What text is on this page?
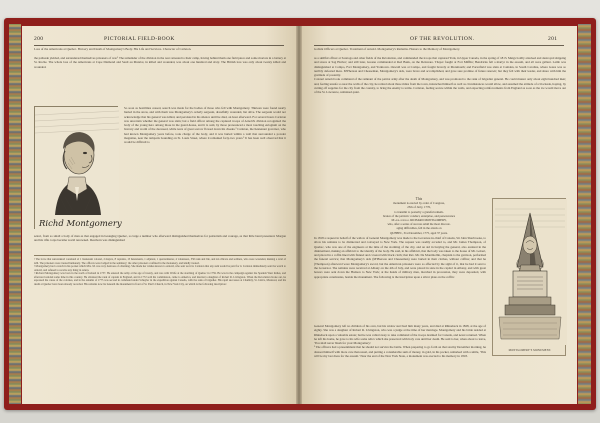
200	PICTORIAL FIELD-BOOK
Loss of the Americans at Quebec. Bravery and Death of Montgomery's Body. His Life and Services. Character of Carleton.
the palisade yielded, and surrendered themselves prisoners of war.¹ The remainder of the division in the rear retreated to their camp, having behind them one field piece and some mortars in a battery at St. Roche. The whole loss of the Americans at Cape Diamond and Sault au Matelot, in killed and wounded, was about one hundred and sixty. The British loss was only about twenty killed and wounded.
Richd Montgomery
So soon as hostilities ceased, search was made for the bodies of those who fell with Montgomery. Thirteen were found nearly buried in the snow, and with them was Montgomery's orderly sergeant, dreadfully wounded, but alive. The sergeant would not acknowledge that his general was killed, and persisted in his silence until he died, an hour afterward. For several hours Carleton was uncertain whether the general was slain; but a field officer among the captured troops of Arnold's division recognized the body of the young hero among those in the guard-house, and it is said, by those pronounced a most touching eulogium on the bravery and worth of the deceased, while tears of great sorrow flowed down his cheeks.² Carleton, the lieutenant governor, who had known Montgomery years before, took charge of the body, and it was buried within a wall that surrounded a powder magazine, near the ramparts bounding on St. Louis Street, where it remained forty-two years.³ It has been well observed that it would be difficult to
select, from so small a body of men as that engaged in besieging Quebec, so large a number who afterward distinguished themselves for patriotism and courage, as that little band presented. Morgan and his rifle corps became world renowned. Dearborn was distinguished
¹ The force that surrendered consisted of 1 lieutenant colonel, 2 majors, 8 captains, 15 lieutenants, 1 adjutant, 1 quartermaster, 4 volunteers, 350 rank and file, and 44 officers and soldiers, who were wounded, making a total of 426. The prisoners were treated humanely. The officers were lodged in the seminary; the other prisoners confined in the monastery, and kindly treated.
² Montgomery had a watch in his pocket which Mrs. M. was very desirous of obtaining. She made her wishes known to Arnold, who sent word to Carleton that any sum would be paid for it. Carleton immediately sent the watch to Arnold, and refused to receive any thing in return.
³ Richard Montgomery was born in the north of Ireland in 1737. He entered the army at the age of twenty, and was with Wolfe at the storming of Quebec in 1759. He was in the campaign against the Spanish West Indies, and afterward resided some time in this country. He obtained the rank of captain in England, and in 1772 sold his commission, came to America, and married a daughter of Robert R. Livingston. When the Revolution broke out, he espoused the cause of the colonies, and in the autumn of 1775 was second in command under Schuyler in the expedition against Canada, with the rank of brigadier. His rapid successes at Chambly, St. John's, Montreal, and his death at Quebec have been already recorded. His remains now lie beneath the monument in front of St. Paul's Church, in New York City, on which is the following inscription:
OF THE REVOLUTION.	201
Gallant Officers at Quebec. Treatment of Arnold. Montgomery's Remains. Honors to the Memory of Montgomery.
as a skillful officer at Saratoga and other fields of the Revolution, and commanded the troops that captured York, in Upper Canada, in the spring of 1813. Meigs boldly attacked and destroyed shipping and stores at Sag Harbor; and still later, Greene commanded at Red Bank, on the Delaware. Thayer fought at Fort Mifflin; Hendricks fell a martyr in the assault, and all were gallant. Lamb was distinguished at Compo, Fort Montgomery, and Yorktown. Oswald was at Compo, and fought bravely at Monmouth; and Porterfield was slain at Camden, in South Carolina, where Gates was so terribly defeated there. M'Pherson and Cheeseman, Montgomery's aids, were brave and accomplished, and gave sure promise of future renown; but they fell with their leader, and share with him the gratitude of posterity.
Colonel Arnold took command of the remnant of the patriot army after the death of Montgomery, and was promoted to the rank of brigadier general. He could muster only about eight hundred men; and, feeling unsafe so near the walls of the city, he retired about three miles from the town, intrenched himself as well as circumstances would allow, and assumed the attitude of a blockade, hoping, by cutting off supplies for the city from the country, to bring the enemy to terms. Carleton, feeling secure within the walls, and expecting reinforcements from England as soon as the ice would move out of the St. Lawrence, remained quiet.
This
monument is erected by order of Congress,
25th of Jan'y, 1776,
to transmit to posterity a grateful remem-
brance of the patriotic conduct, enterprise, and perseverance
Major-general RICHARD MONTGOMERY,
who, after a series of success amid the most discour-
aging difficulties, fell in the attack on
QUEBEC, 31st December, 1775, aged 37 years.
In 1818 a request in behalf of the widow of General Montgomery was made to the Governor-in-chief of Canada, Sir John Sherbrooke, to allow his remains to be disinterred and conveyed to New York. The request was readily acceded to, and Mr. James Thompson, of Quebec, who was one of the engineers at the time of the storming of the city, and an aid in burying the general, also assisted in the disinterment, making an affidavit to the identity of the body. He said, in his affidavit, that the body was taken to the house of Mr. Gobert, and placed in a coffin lined with flannel and covered with black cloth; that Rev. Mr. De Montmollin, chaplain to the garrison, performed the funeral service; that Montgomery's aids (M'Pherson and Cheeseman) were buried in their clothes, without coffins; and that he (Thompson) afterward wore Montgomery's sword, but the American prisoners were so affected by the sight of it, that he had it sent to the Governor. The remains were received at Albany on the 4th of July, and were placed in state in the capitol in Albany, and with great honors were sent down the Hudson to New York; at the hands of military men, marched in procession, they were deposited, with appropriate ceremonies, beside the monument. The following is the inscription upon a silver plate on the coffin:
MONTGOMERY'S MONUMENT.
General Montgomery left no children of his own, but his widow survived him many years, and died at Rhinebeck in 1828, at the age of eighty. She was a daughter of Robert R. Livingston, who was a judge at the time of her marriage. Montgomery and his bride resided at Rhinebeck upon a valuable estate; but he was called away to take command of the troops destined for Canada, and never returned. When he left his home, he gave to his wife some relics which she preserved with holy care until her death. He said to her, when about to leave, 'You shall never blush for your Montgomery.'
¹ The officers had a presentiment that he should not survive the battle. When preparing to go forth on that stormy December morning, he dressed himself with more care than usual, and putting a considerable sum of money, in gold, in his pocket, remarked with a smile, 'This will be my last dress for the assault.' Near the end of the New York State, a monument was erected to his memory in 1818.
